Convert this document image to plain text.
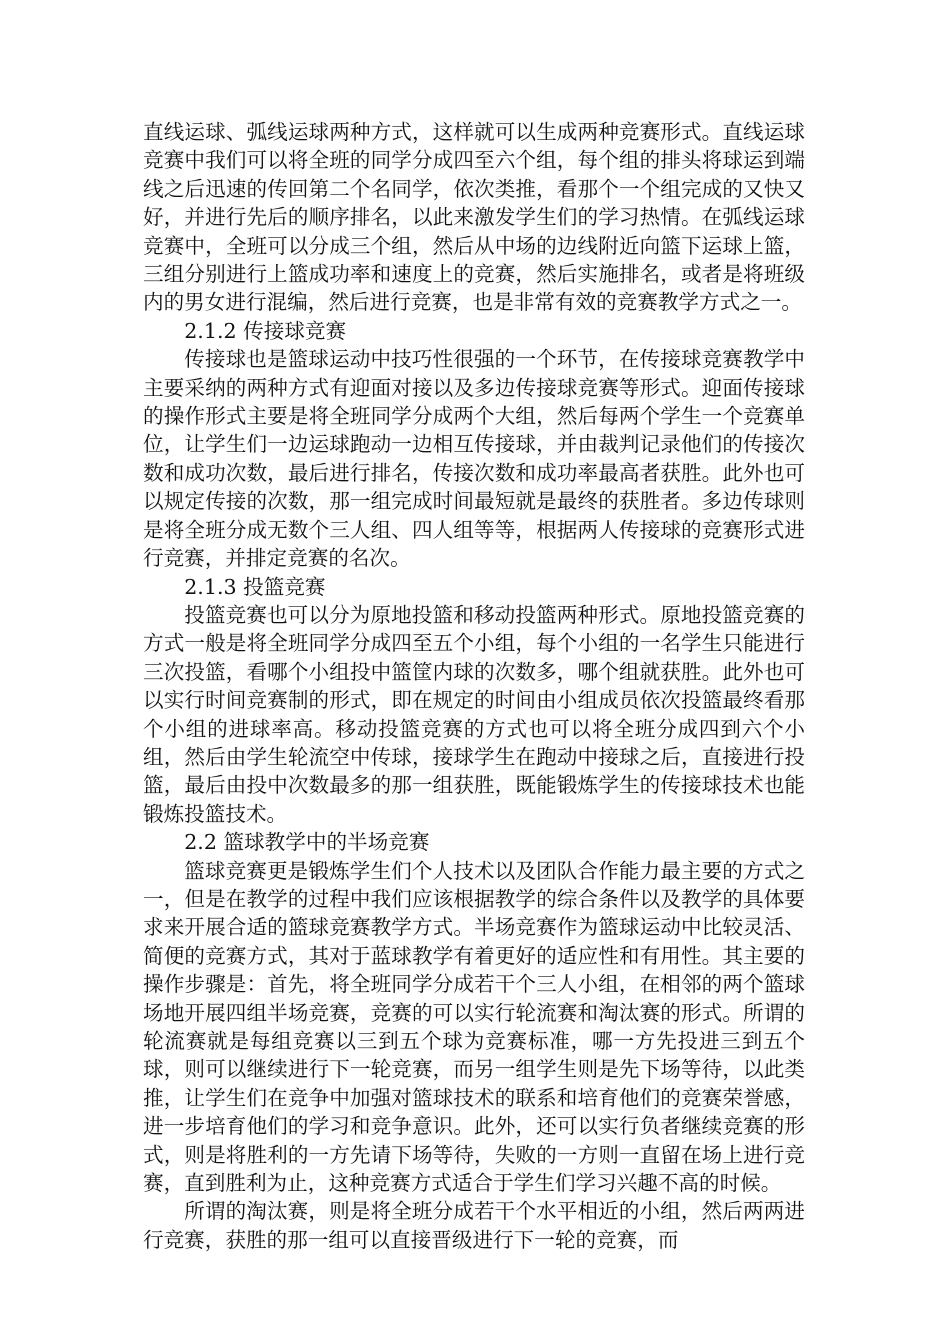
直线运球、弧线运球两种方式，这样就可以生成两种竞赛形式。直线运球竞赛中我们可以将全班的同学分成四至六个组，每个组的排头将球运到端线之后迅速的传回第二个名同学，依次类推，看那个一个组完成的又快又好，并进行先后的顺序排名，以此来激发学生们的学习热情。在弧线运球竞赛中，全班可以分成三个组，然后从中场的边线附近向篮下运球上篮，三组分别进行上篮成功率和速度上的竞赛，然后实施排名，或者是将班级内的男女进行混编，然后进行竞赛，也是非常有效的竞赛教学方式之一。

2.1.2 传接球竞赛

传接球也是篮球运动中技巧性很强的一个环节，在传接球竞赛教学中主要采纳的两种方式有迎面对接以及多边传接球竞赛等形式。迎面传接球的操作形式主要是将全班同学分成两个大组，然后每两个学生一个竞赛单位，让学生们一边运球跑动一边相互传接球，并由裁判记录他们的传接次数和成功次数，最后进行排名，传接次数和成功率最高者获胜。此外也可以规定传接的次数，那一组完成时间最短就是最终的获胜者。多边传球则是将全班分成无数个三人组、四人组等等，根据两人传接球的竞赛形式进行竞赛，并排定竞赛的名次。

2.1.3 投篮竞赛

投篮竞赛也可以分为原地投篮和移动投篮两种形式。原地投篮竞赛的方式一般是将全班同学分成四至五个小组，每个小组的一名学生只能进行三次投篮，看哪个小组投中篮筐内球的次数多，哪个组就获胜。此外也可以实行时间竞赛制的形式，即在规定的时间由小组成员依次投篮最终看那个小组的进球率高。移动投篮竞赛的方式也可以将全班分成四到六个小组，然后由学生轮流空中传球，接球学生在跑动中接球之后，直接进行投篮，最后由投中次数最多的那一组获胜，既能锻炼学生的传接球技术也能锻炼投篮技术。

2.2 篮球教学中的半场竞赛

篮球竞赛更是锻炼学生们个人技术以及团队合作能力最主要的方式之一，但是在教学的过程中我们应该根据教学的综合条件以及教学的具体要求来开展合适的篮球竞赛教学方式。半场竞赛作为篮球运动中比较灵活、简便的竞赛方式，其对于蓝球教学有着更好的适应性和有用性。其主要的操作步骤是：首先，将全班同学分成若干个三人小组，在相邻的两个篮球场地开展四组半场竞赛，竞赛的可以实行轮流赛和淘汰赛的形式。所谓的轮流赛就是每组竞赛以三到五个球为竞赛标准，哪一方先投进三到五个球，则可以继续进行下一轮竞赛，而另一组学生则是先下场等待，以此类推，让学生们在竞争中加强对篮球技术的联系和培育他们的竞赛荣誉感，进一步培育他们的学习和竞争意识。此外，还可以实行负者继续竞赛的形式，则是将胜利的一方先请下场等待，失败的一方则一直留在场上进行竞赛，直到胜利为止，这种竞赛方式适合于学生们学习兴趣不高的时候。

所谓的淘汰赛，则是将全班分成若干个水平相近的小组，然后两两进行竞赛，获胜的那一组可以直接晋级进行下一轮的竞赛，而
